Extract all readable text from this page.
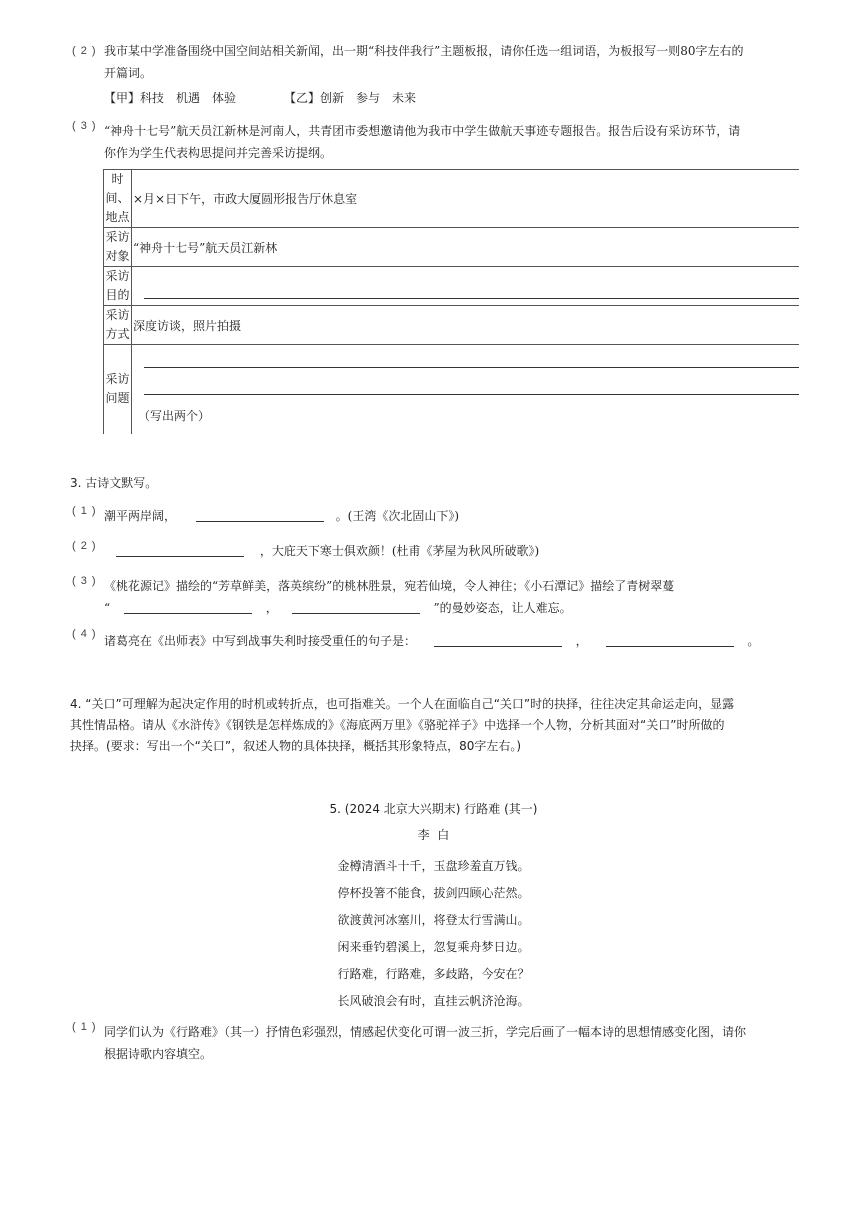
( 2 ) 我市某中学准备围绕中国空间站相关新闻，出一期“科技伴我行”主题板报，请你任选一组词语，为板报写一则80字左右的
开篇词。
【甲】科技　机遇　体验	【乙】创新　参与　未来
( 3 ) “神舟十七号”航天员江新林是河南人，共青团市委想邀请他为我市中学生做航天事迹专题报告。报告后设有采访环节，请
你作为学生代表构思提问并完善采访提纲。
时间、地点	×月×日下午，市政大厦圆形报告厅休息室

采访对象	“神舟十七号”航天员江新林

采访目的	

采访方式	深度访谈，照片拍摄

采访问题	（写出两个）
3. 古诗文默写。
( 1 ) 潮平两岸阔，	。(王湾《次北固山下》)
( 2 )	，大庇天下寒士俱欢颜！(杜甫《茅屋为秋风所破歌》)
( 3 ) 《桃花源记》描绘的“芳草鲜美，落英缤纷”的桃林胜景，宛若仙境，令人神往；《小石潭记》描绘了青树翠蔓
“	，	”的曼妙姿态，让人难忘。
( 4 ) 诸葛亮在《出师表》中写到战事失利时接受重任的句子是：	，	。
4. “关口”可理解为起决定作用的时机或转折点，也可指难关。一个人在面临自己“关口”时的抉择，往往决定其命运走向，显露
其性情品格。请从《水浒传》《钢铁是怎样炼成的》《海底两万里》《骆驼祥子》中选择一个人物，分析其面对“关口”时所做的
抉择。(要求：写出一个“关口”，叙述人物的具体抉择，概括其形象特点，80字左右。)
5. (2024 北京大兴期末) 行路难 (其一)
李  白
金樽清酒斗十千，玉盘珍羞直万钱。
停杯投箸不能食，拔剑四顾心茫然。
欲渡黄河冰塞川，将登太行雪满山。
闲来垂钓碧溪上，忽复乘舟梦日边。
行路难，行路难，多歧路，今安在？
长风破浪会有时，直挂云帆济沧海。
( 1 ) 同学们认为《行路难》（其一）抒情色彩强烈，情感起伏变化可谓一波三折，学完后画了一幅本诗的思想情感变化图，请你
根据诗歌内容填空。
